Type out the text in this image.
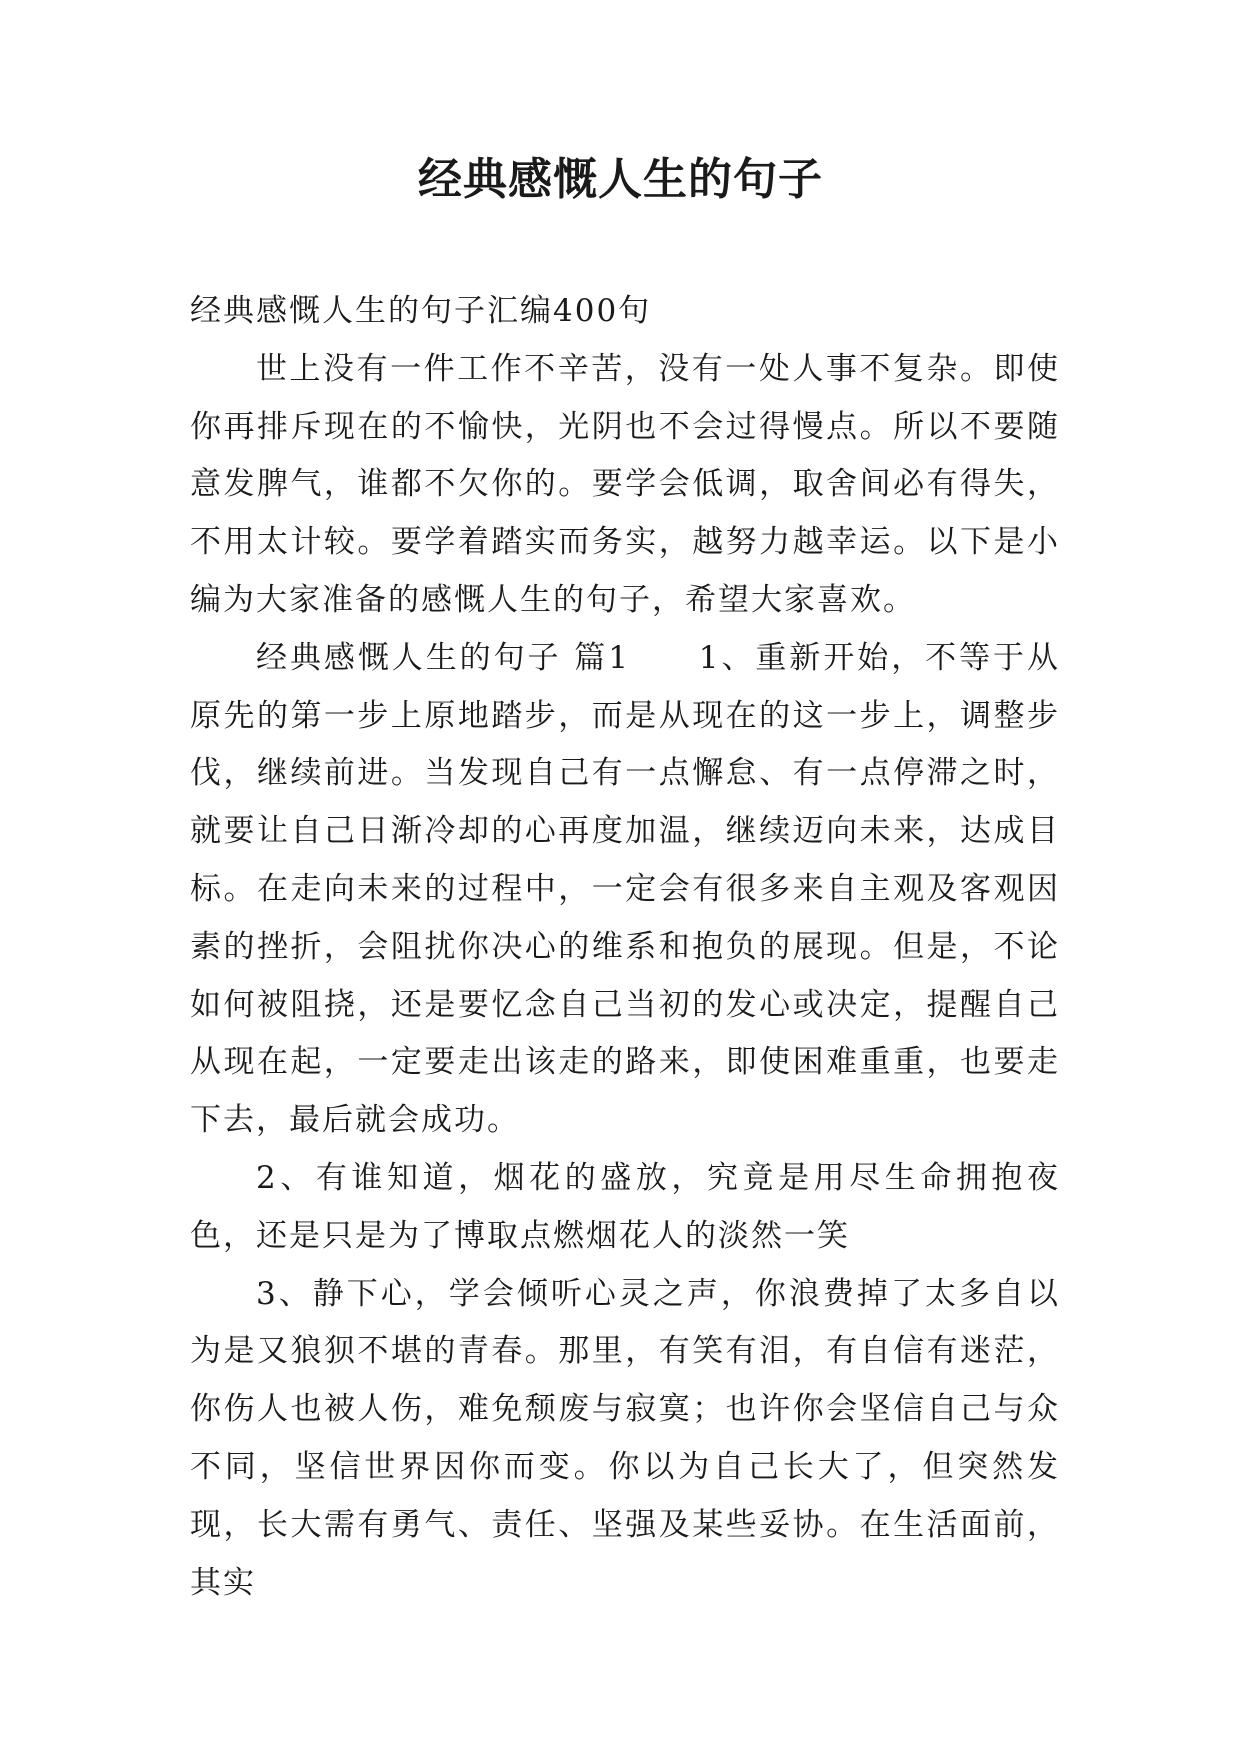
经典感慨人生的句子

经典感慨人生的句子汇编400句

世上没有一件工作不辛苦，没有一处人事不复杂。即使你再排斥现在的不愉快，光阴也不会过得慢点。所以不要随意发脾气，谁都不欠你的。要学会低调，取舍间必有得失，不用太计较。要学着踏实而务实，越努力越幸运。以下是小编为大家准备的感慨人生的句子，希望大家喜欢。

经典感慨人生的句子 篇1　　1、重新开始，不等于从原先的第一步上原地踏步，而是从现在的这一步上，调整步伐，继续前进。当发现自己有一点懈怠、有一点停滞之时，就要让自己日渐冷却的心再度加温，继续迈向未来，达成目标。在走向未来的过程中，一定会有很多来自主观及客观因素的挫折，会阻扰你决心的维系和抱负的展现。但是，不论如何被阻挠，还是要忆念自己当初的发心或决定，提醒自己从现在起，一定要走出该走的路来，即使困难重重，也要走下去，最后就会成功。

2、有谁知道，烟花的盛放，究竟是用尽生命拥抱夜色，还是只是为了博取点燃烟花人的淡然一笑

3、静下心，学会倾听心灵之声，你浪费掉了太多自以为是又狼狈不堪的青春。那里，有笑有泪，有自信有迷茫，你伤人也被人伤，难免颓废与寂寞；也许你会坚信自己与众不同，坚信世界因你而变。你以为自己长大了，但突然发现，长大需有勇气、责任、坚强及某些妥协。在生活面前，其实
